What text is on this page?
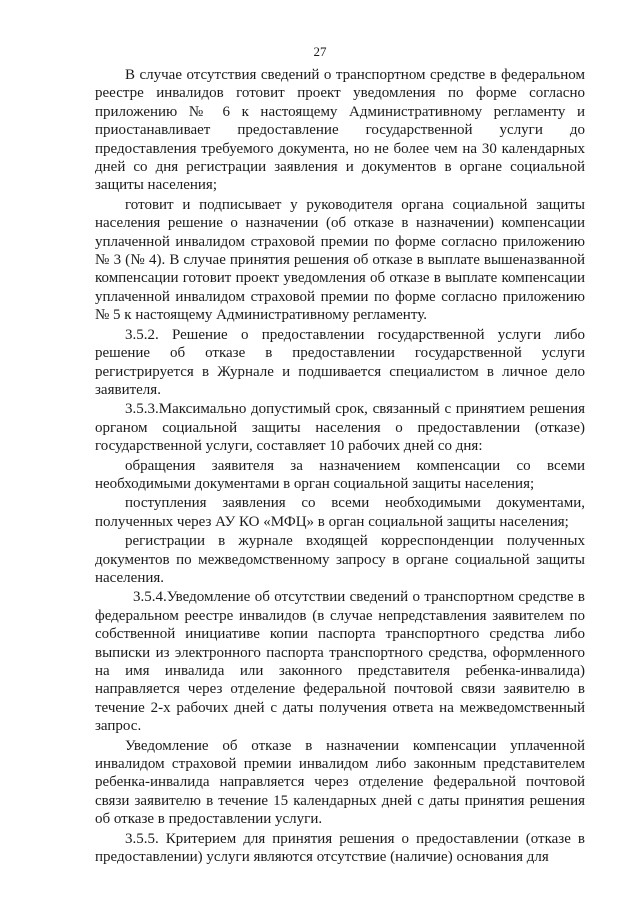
27

В случае отсутствия сведений о транспортном средстве в федеральном реестре инвалидов готовит проект уведомления по форме согласно приложению № 6 к настоящему Административному регламенту и приостанавливает предоставление государственной услуги до предоставления требуемого документа, но не более чем на 30 календарных дней со дня регистрации заявления и документов в органе социальной защиты населения;

готовит и подписывает у руководителя органа социальной защиты населения решение о назначении (об отказе в назначении) компенсации уплаченной инвалидом страховой премии по форме согласно приложению № 3 (№ 4). В случае принятия решения об отказе в выплате вышеназванной компенсации готовит проект уведомления об отказе в выплате компенсации уплаченной инвалидом страховой премии по форме согласно приложению № 5 к настоящему Административному регламенту.

3.5.2. Решение о предоставлении государственной услуги либо решение об отказе в предоставлении государственной услуги регистрируется в Журнале и подшивается специалистом в личное дело заявителя.

3.5.3.Максимально допустимый срок, связанный с принятием решения органом социальной защиты населения о предоставлении (отказе) государственной услуги, составляет 10 рабочих дней со дня:

обращения заявителя за назначением компенсации со всеми необходимыми документами в орган социальной защиты населения;

поступления заявления со всеми необходимыми документами, полученных через АУ КО «МФЦ» в орган социальной защиты населения;

регистрации в журнале входящей корреспонденции полученных документов по межведомственному запросу в органе социальной защиты населения.

3.5.4.Уведомление об отсутствии сведений о транспортном средстве в федеральном реестре инвалидов (в случае непредставления заявителем по собственной инициативе копии паспорта транспортного средства либо выписки из электронного паспорта транспортного средства, оформленного на имя инвалида или законного представителя ребенка-инвалида) направляется через отделение федеральной почтовой связи заявителю в течение 2-х рабочих дней с даты получения ответа на межведомственный запрос.

Уведомление об отказе в назначении компенсации уплаченной инвалидом страховой премии инвалидом либо законным представителем ребенка-инвалида направляется через отделение федеральной почтовой связи заявителю в течение 15 календарных дней с даты принятия решения об отказе в предоставлении услуги.

3.5.5. Критерием для принятия решения о предоставлении (отказе в предоставлении) услуги являются отсутствие (наличие) основания для
